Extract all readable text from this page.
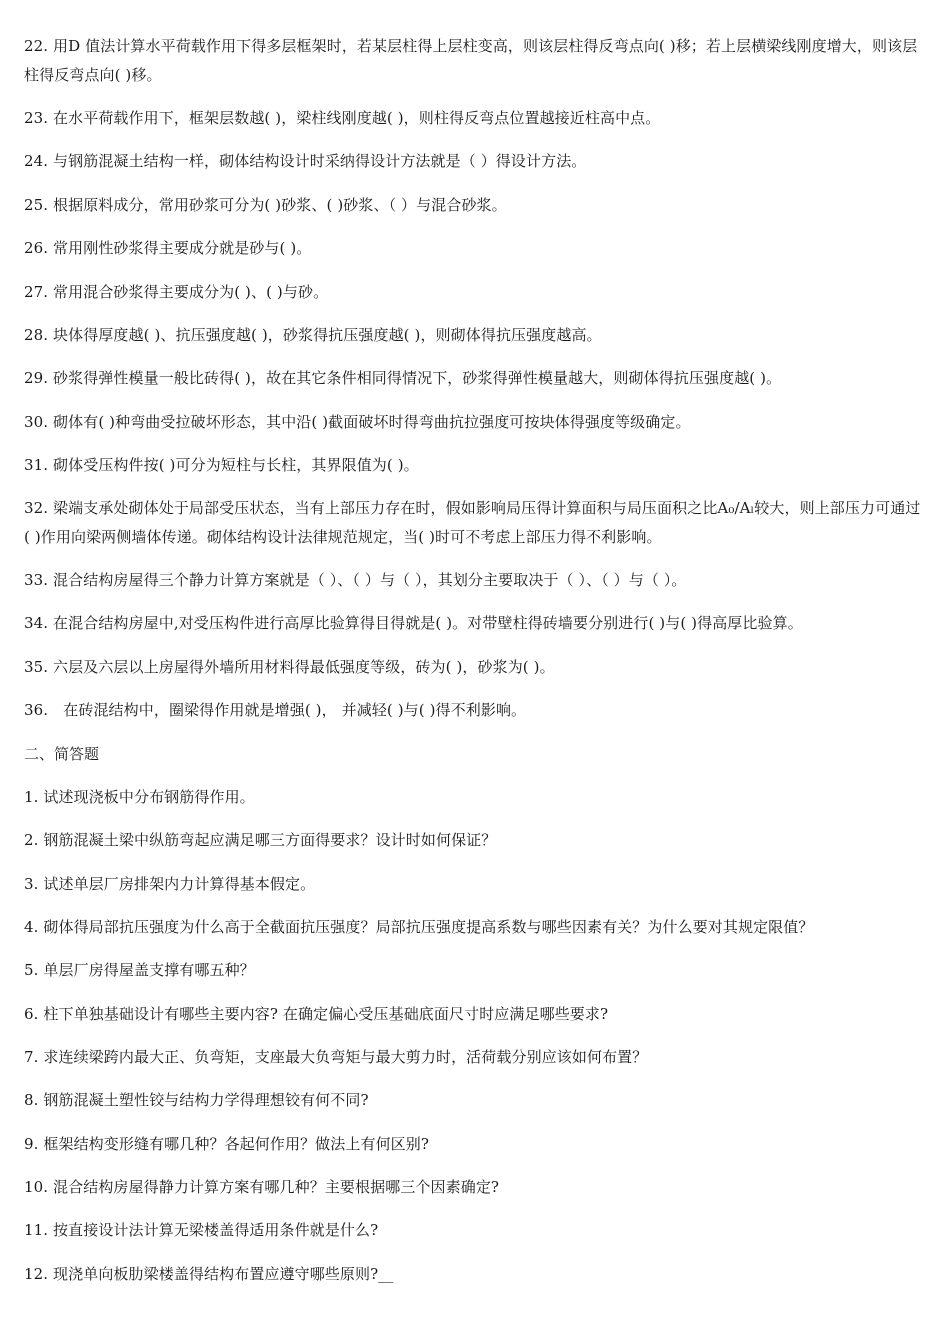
22. 用D 值法计算水平荷载作用下得多层框架时，若某层柱得上层柱变高，则该层柱得反弯点向( )移；若上层横梁线刚度增大，则该层柱得反弯点向( )移。
23. 在水平荷载作用下，框架层数越( )，梁柱线刚度越( )，则柱得反弯点位置越接近柱高中点。
24. 与钢筋混凝土结构一样，砌体结构设计时采纳得设计方法就是（ ）得设计方法。
25. 根据原料成分，常用砂浆可分为( )砂浆、( )砂浆、（ ）与混合砂浆。
26. 常用刚性砂浆得主要成分就是砂与( )。
27. 常用混合砂浆得主要成分为( )、( )与砂。
28. 块体得厚度越( )、抗压强度越( )，砂浆得抗压强度越( )，则砌体得抗压强度越高。
29. 砂浆得弹性模量一般比砖得( )，故在其它条件相同得情况下，砂浆得弹性模量越大，则砌体得抗压强度越( )。
30. 砌体有( )种弯曲受拉破坏形态，其中沿( )截面破坏时得弯曲抗拉强度可按块体得强度等级确定。
31. 砌体受压构件按( )可分为短柱与长柱，其界限值为( )。
32. 梁端支承处砌体处于局部受压状态，当有上部压力存在时，假如影响局压得计算面积与局压面积之比A₀/Aₗ较大，则上部压力可通过( )作用向梁两侧墙体传递。砌体结构设计法律规范规定，当( )时可不考虑上部压力得不利影响。
33. 混合结构房屋得三个静力计算方案就是（ ）、（ ）与（ ），其划分主要取决于（ ）、（ ）与（ ）。
34. 在混合结构房屋中,对受压构件进行高厚比验算得目得就是( )。对带壁柱得砖墙要分别进行( )与( )得高厚比验算。
35. 六层及六层以上房屋得外墙所用材料得最低强度等级，砖为( )，砂浆为( )。
36.　在砖混结构中，圈梁得作用就是增强( )， 并减轻( )与( )得不利影响。
二、简答题
1. 试述现浇板中分布钢筋得作用。
2. 钢筋混凝土梁中纵筋弯起应满足哪三方面得要求？设计时如何保证？
3. 试述单层厂房排架内力计算得基本假定。
4. 砌体得局部抗压强度为什么高于全截面抗压强度？局部抗压强度提高系数与哪些因素有关？为什么要对其规定限值？
5. 单层厂房得屋盖支撑有哪五种？
6. 柱下单独基础设计有哪些主要内容? 在确定偏心受压基础底面尺寸时应满足哪些要求?
7. 求连续梁跨内最大正、负弯矩，支座最大负弯矩与最大剪力时，活荷载分别应该如何布置？
8. 钢筋混凝土塑性铰与结构力学得理想铰有何不同?
9. 框架结构变形缝有哪几种？各起何作用？做法上有何区别?
10. 混合结构房屋得静力计算方案有哪几种？主要根据哪三个因素确定?
11. 按直接设计法计算无梁楼盖得适用条件就是什么?
12. 现浇单向板肋梁楼盖得结构布置应遵守哪些原则?__
